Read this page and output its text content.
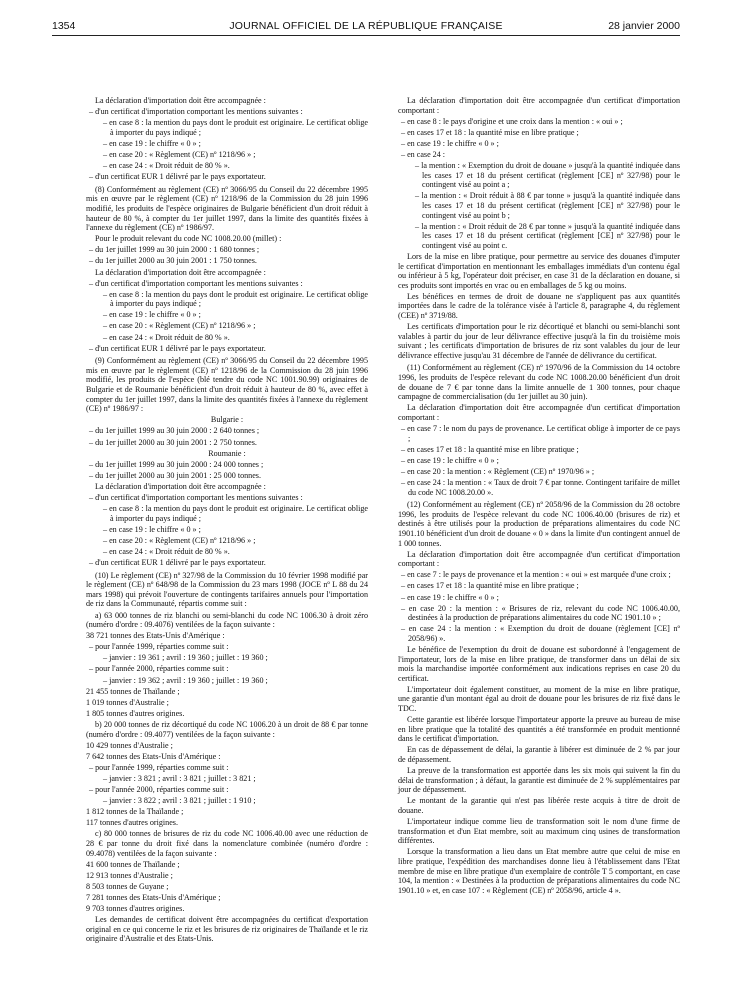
1354	JOURNAL OFFICIEL DE LA RÉPUBLIQUE FRANÇAISE	28 janvier 2000

La déclaration d'importation doit être accompagnée :

– d'un certificat d'importation comportant les mentions suivantes :

– en case 8 : la mention du pays dont le produit est originaire. Le certificat oblige à importer du pays indiqué ;

– en case 19 : le chiffre « 0 » ;

– en case 20 : « Règlement (CE) nº 1218/96 » ;

– en case 24 : « Droit réduit de 80 % ».

– d'un certificat EUR 1 délivré par le pays exportateur.

(8) Conformément au règlement (CE) nº 3066/95 du Conseil du 22 décembre 1995 mis en œuvre par le règlement (CE) nº 1218/96 de la Commission du 28 juin 1996 modifié, les produits de l'espèce originaires de Bulgarie bénéficient d'un droit réduit à hauteur de 80 %, à compter du 1er juillet 1997, dans la limite des quantités fixées à l'annexe du règlement (CE) nº 1986/97.

Pour le produit relevant du code NC 1008.20.00 (millet) :

– du 1er juillet 1999 au 30 juin 2000 : 1 680 tonnes ;

– du 1er juillet 2000 au 30 juin 2001 : 1 750 tonnes.

La déclaration d'importation doit être accompagnée :

– d'un certificat d'importation comportant les mentions suivantes :

– en case 8 : la mention du pays dont le produit est originaire. Le certificat oblige à importer du pays indiqué ;

– en case 19 : le chiffre « 0 » ;

– en case 20 : « Règlement (CE) nº 1218/96 » ;

– en case 24 : « Droit réduit de 80 % ».

– d'un certificat EUR 1 délivré par le pays exportateur.

(9) Conformément au règlement (CE) nº 3066/95 du Conseil du 22 décembre 1995 mis en œuvre par le règlement (CE) nº 1218/96 de la Commission du 28 juin 1996 modifié, les produits de l'espèce (blé tendre du code NC 1001.90.99) originaires de Bulgarie et de Roumanie bénéficient d'un droit réduit à hauteur de 80 %, avec effet à compter du 1er juillet 1997, dans la limite des quantités fixées à l'annexe du règlement (CE) nº 1986/97 :

Bulgarie :

– du 1er juillet 1999 au 30 juin 2000 : 2 640 tonnes ;

– du 1er juillet 2000 au 30 juin 2001 : 2 750 tonnes.

Roumanie :

– du 1er juillet 1999 au 30 juin 2000 : 24 000 tonnes ;

– du 1er juillet 2000 au 30 juin 2001 : 25 000 tonnes.

La déclaration d'importation doit être accompagnée :

– d'un certificat d'importation comportant les mentions suivantes :

– en case 8 : la mention du pays dont le produit est originaire. Le certificat oblige à importer du pays indiqué ;

– en case 19 : le chiffre « 0 » ;

– en case 20 : « Règlement (CE) nº 1218/96 » ;

– en case 24 : « Droit réduit de 80 % ».

– d'un certificat EUR 1 délivré par le pays exportateur.

(10) Le règlement (CE) nº 327/98 de la Commission du 10 février 1998 modifié par le règlement (CE) nº 648/98 de la Commission du 23 mars 1998 (JOCE nº L 88 du 24 mars 1998) qui prévoit l'ouverture de contingents tarifaires annuels pour l'importation de riz dans la Communauté, répartis comme suit :

a) 63 000 tonnes de riz blanchi ou semi-blanchi du code NC 1006.30 à droit zéro (numéro d'ordre : 09.4076) ventilées de la façon suivante :

38 721 tonnes des Etats-Unis d'Amérique :

– pour l'année 1999, réparties comme suit :

– janvier : 19 361 ; avril : 19 360 ; juillet : 19 360 ;

– pour l'année 2000, réparties comme suit :

– janvier : 19 362 ; avril : 19 360 ; juillet : 19 360 ;

21 455 tonnes de Thaïlande ;

1 019 tonnes d'Australie ;

1 805 tonnes d'autres origines.

b) 20 000 tonnes de riz décortiqué du code NC 1006.20 à un droit de 88 € par tonne (numéro d'ordre : 09.4077) ventilées de la façon suivante :

10 429 tonnes d'Australie ;

7 642 tonnes des Etats-Unis d'Amérique :

– pour l'année 1999, réparties comme suit :

– janvier : 3 821 ; avril : 3 821 ; juillet : 3 821 ;

– pour l'année 2000, réparties comme suit :

– janvier : 3 822 ; avril : 3 821 ; juillet : 1 910 ;

1 812 tonnes de la Thaïlande ;

117 tonnes d'autres origines.

c) 80 000 tonnes de brisures de riz du code NC 1006.40.00 avec une réduction de 28 € par tonne du droit fixé dans la nomenclature combinée (numéro d'ordre : 09.4078) ventilées de la façon suivante :

41 600 tonnes de Thaïlande ;

12 913 tonnes d'Australie ;

8 503 tonnes de Guyane ;

7 281 tonnes des Etats-Unis d'Amérique ;

9 703 tonnes d'autres origines.

Les demandes de certificat doivent être accompagnées du certificat d'exportation original en ce qui concerne le riz et les brisures de riz originaires de Thaïlande et le riz originaire d'Australie et des Etats-Unis.

La déclaration d'importation doit être accompagnée d'un certificat d'importation comportant :

– en case 8 : le pays d'origine et une croix dans la mention : « oui » ;

– en cases 17 et 18 : la quantité mise en libre pratique ;

– en case 19 : le chiffre « 0 » ;

– en case 24 :

– la mention : « Exemption du droit de douane » jusqu'à la quantité indiquée dans les cases 17 et 18 du présent certificat (règlement [CE] nº 327/98) pour le contingent visé au point a ;

– la mention : « Droit réduit à 88 € par tonne » jusqu'à la quantité indiquée dans les cases 17 et 18 du présent certificat (règlement [CE] nº 327/98) pour le contingent visé au point b ;

– la mention : « Droit réduit de 28 € par tonne » jusqu'à la quantité indiquée dans les cases 17 et 18 du présent certificat (règlement [CE] nº 327/98) pour le contingent visé au point c.

Lors de la mise en libre pratique, pour permettre au service des douanes d'imputer le certificat d'importation en mentionnant les emballages immédiats d'un contenu égal ou inférieur à 5 kg, l'opérateur doit préciser, en case 31 de la déclaration en douane, si ces produits sont importés en vrac ou en emballages de 5 kg ou moins.

Les bénéfices en termes de droit de douane ne s'appliquent pas aux quantités importées dans le cadre de la tolérance visée à l'article 8, paragraphe 4, du règlement (CEE) nº 3719/88.

Les certificats d'importation pour le riz décortiqué et blanchi ou semi-blanchi sont valables à partir du jour de leur délivrance effective jusqu'à la fin du troisième mois suivant ; les certificats d'importation de brisures de riz sont valables du jour de leur délivrance effective jusqu'au 31 décembre de l'année de délivrance du certificat.

(11) Conformément au règlement (CE) nº 1970/96 de la Commission du 14 octobre 1996, les produits de l'espèce relevant du code NC 1008.20.00 bénéficient d'un droit de douane de 7 € par tonne dans la limite annuelle de 1 300 tonnes, pour chaque campagne de commercialisation (du 1er juillet au 30 juin).

La déclaration d'importation doit être accompagnée d'un certificat d'importation comportant :

– en case 7 : le nom du pays de provenance. Le certificat oblige à importer de ce pays ;

– en cases 17 et 18 : la quantité mise en libre pratique ;

– en case 19 : le chiffre « 0 » ;

– en case 20 : la mention : « Règlement (CE) nº 1970/96 » ;

– en case 24 : la mention : « Taux de droit 7 € par tonne. Contingent tarifaire de millet du code NC 1008.20.00 ».

(12) Conformément au règlement (CE) nº 2058/96 de la Commission du 28 octobre 1996, les produits de l'espèce relevant du code NC 1006.40.00 (brisures de riz) et destinés à être utilisés pour la production de préparations alimentaires du code NC 1901.10 bénéficient d'un droit de douane « 0 » dans la limite d'un contingent annuel de 1 000 tonnes.

La déclaration d'importation doit être accompagnée d'un certificat d'importation comportant :

– en case 7 : le pays de provenance et la mention : « oui » est marquée d'une croix ;

– en cases 17 et 18 : la quantité mise en libre pratique ;

– en case 19 : le chiffre « 0 » ;

– en case 20 : la mention : « Brisures de riz, relevant du code NC 1006.40.00, destinées à la production de préparations alimentaires du code NC 1901.10 » ;

– en case 24 : la mention : « Exemption du droit de douane (règlement [CE] nº 2058/96) ».

Le bénéfice de l'exemption du droit de douane est subordonné à l'engagement de l'importateur, lors de la mise en libre pratique, de transformer dans un délai de six mois la marchandise importée conformément aux indications reprises en case 20 du certificat.

L'importateur doit également constituer, au moment de la mise en libre pratique, une garantie d'un montant égal au droit de douane pour les brisures de riz fixé dans le TDC.

Cette garantie est libérée lorsque l'importateur apporte la preuve au bureau de mise en libre pratique que la totalité des quantités a été transformée en produit mentionné dans le certificat d'importation.

En cas de dépassement de délai, la garantie à libérer est diminuée de 2 % par jour de dépassement.

La preuve de la transformation est apportée dans les six mois qui suivent la fin du délai de transformation ; à défaut, la garantie est diminuée de 2 % supplémentaires par jour de dépassement.

Le montant de la garantie qui n'est pas libérée reste acquis à titre de droit de douane.

L'importateur indique comme lieu de transformation soit le nom d'une firme de transformation et d'un Etat membre, soit au maximum cinq usines de transformation différentes.

Lorsque la transformation a lieu dans un Etat membre autre que celui de mise en libre pratique, l'expédition des marchandises donne lieu à l'établissement dans l'Etat membre de mise en libre pratique d'un exemplaire de contrôle T 5 comportant, en case 104, la mention : « Destinées à la production de préparations alimentaires du code NC 1901.10 » et, en case 107 : « Règlement (CE) nº 2058/96, article 4 ».
